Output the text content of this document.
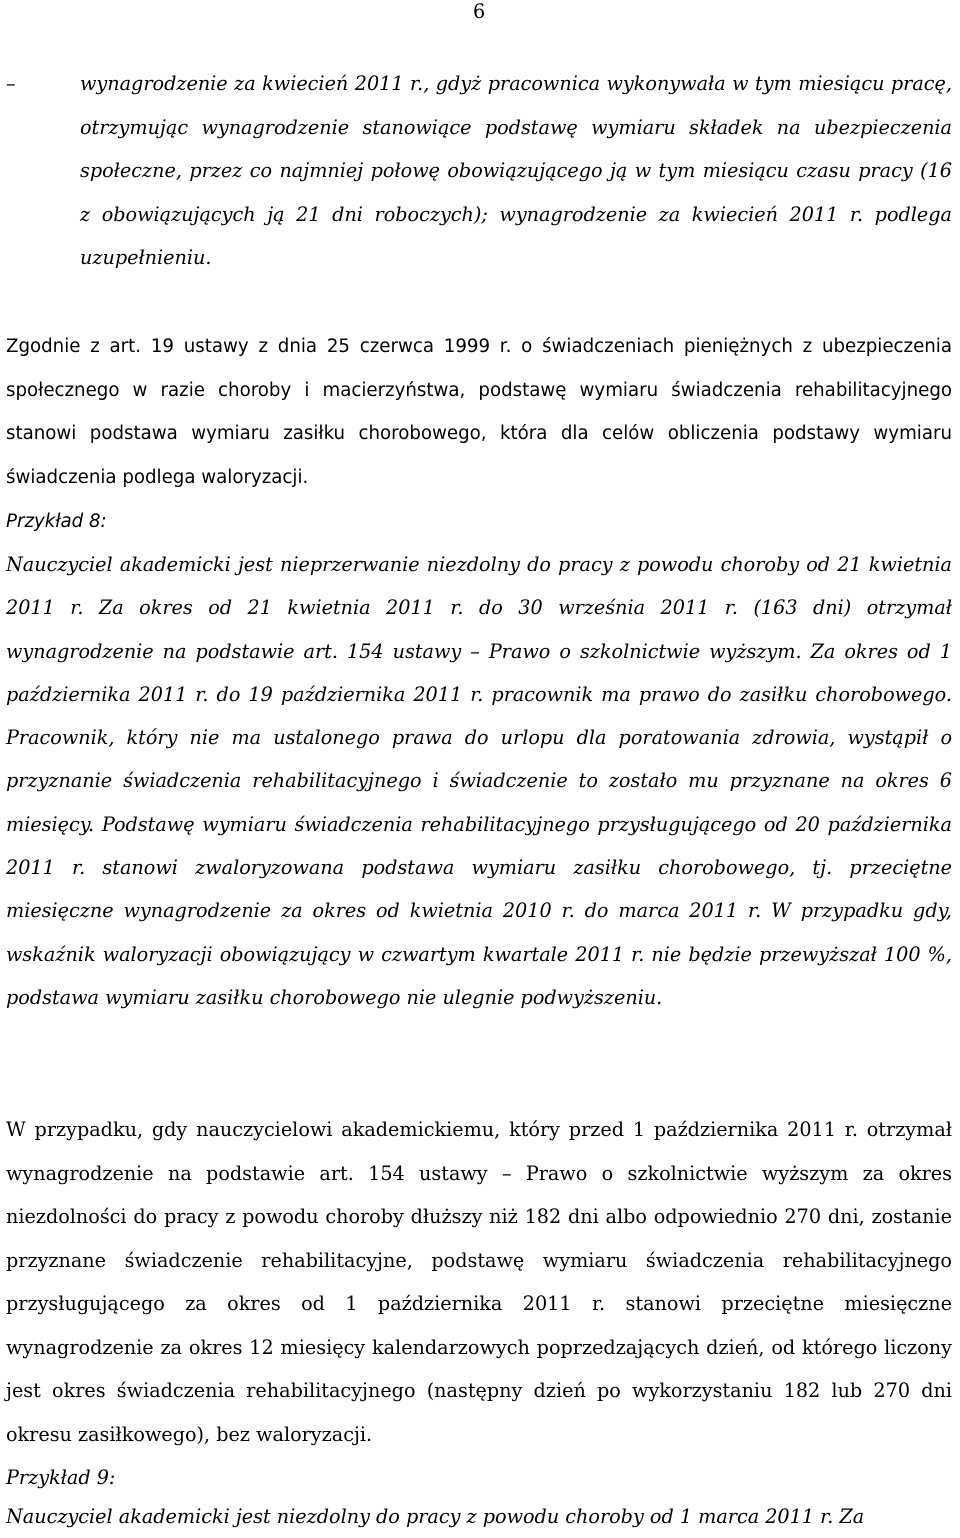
6

–	wynagrodzenie za kwiecień 2011 r., gdyż pracownica wykonywała w tym miesiącu pracę, otrzymując wynagrodzenie stanowiące podstawę wymiaru składek na ubezpieczenia społeczne, przez co najmniej połowę obowiązującego ją w tym miesiącu czasu pracy (16 z obowiązujących ją 21 dni roboczych); wynagrodzenie za kwiecień 2011 r. podlega uzupełnieniu.

Zgodnie z art. 19 ustawy z dnia 25 czerwca 1999 r. o świadczeniach pieniężnych z ubezpieczenia społecznego w razie choroby i macierzyństwa, podstawę wymiaru świadczenia rehabilitacyjnego stanowi podstawa wymiaru zasiłku chorobowego, która dla celów obliczenia podstawy wymiaru świadczenia podlega waloryzacji.

Przykład 8:

Nauczyciel akademicki jest nieprzerwanie niezdolny do pracy z powodu choroby od 21 kwietnia 2011 r. Za okres od 21 kwietnia 2011 r. do 30 września 2011 r. (163 dni) otrzymał wynagrodzenie na podstawie art. 154 ustawy – Prawo o szkolnictwie wyższym. Za okres od 1 października 2011 r. do 19 października 2011 r. pracownik ma prawo do zasiłku chorobowego. Pracownik, który nie ma ustalonego prawa do urlopu dla poratowania zdrowia, wystąpił o przyznanie świadczenia rehabilitacyjnego i świadczenie to zostało mu przyznane na okres 6 miesięcy. Podstawę wymiaru świadczenia rehabilitacyjnego przysługującego od 20 października 2011 r. stanowi zwaloryzowana podstawa wymiaru zasiłku chorobowego, tj. przeciętne miesięczne wynagrodzenie za okres od kwietnia 2010 r. do marca 2011 r. W przypadku gdy, wskaźnik waloryzacji obowiązujący w czwartym kwartale 2011 r. nie będzie przewyższał 100 %, podstawa wymiaru zasiłku chorobowego nie ulegnie podwyższeniu.

W przypadku, gdy nauczycielowi akademickiemu, który przed 1 października 2011 r. otrzymał wynagrodzenie na podstawie art. 154 ustawy – Prawo o szkolnictwie wyższym za okres niezdolności do pracy z powodu choroby dłuższy niż 182 dni albo odpowiednio 270 dni, zostanie przyznane świadczenie rehabilitacyjne, podstawę wymiaru świadczenia rehabilitacyjnego przysługującego za okres od 1 października 2011 r. stanowi przeciętne miesięczne wynagrodzenie za okres 12 miesięcy kalendarzowych poprzedzających dzień, od którego liczony jest okres świadczenia rehabilitacyjnego (następny dzień po wykorzystaniu 182 lub 270 dni okresu zasiłkowego), bez waloryzacji.

Przykład 9:

Nauczyciel akademicki jest niezdolny do pracy z powodu choroby od 1 marca 2011 r. Za
